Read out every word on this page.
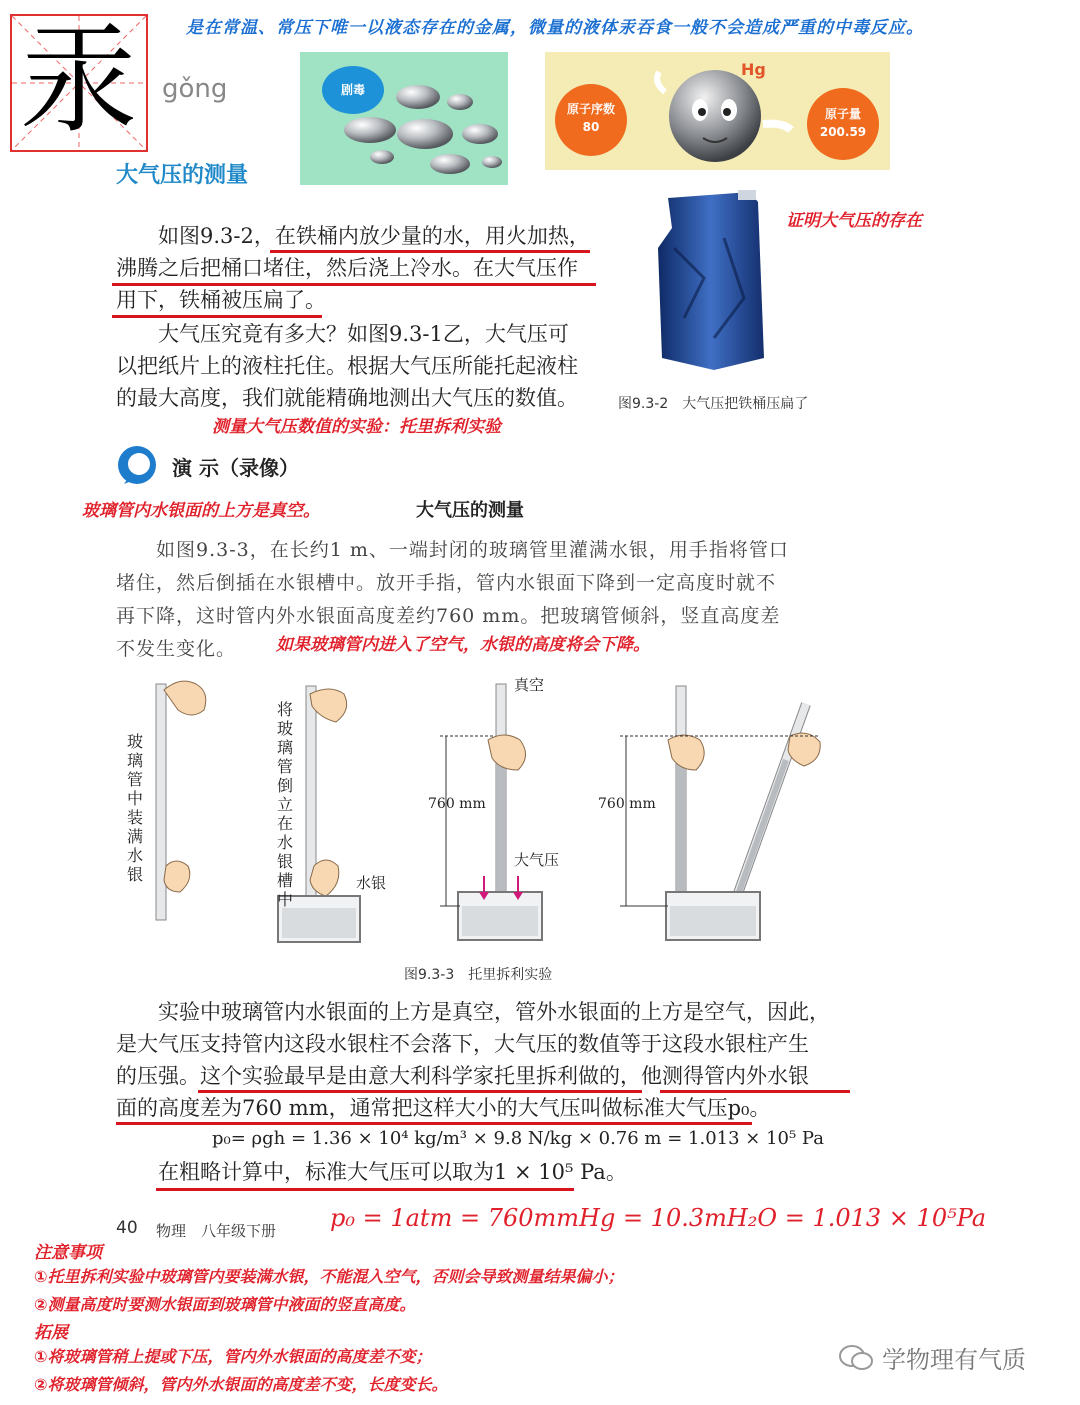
汞 gǒng	剧毒
原子序数
80
Hg
原子量
200.59
是在常温、常压下唯一以液态存在的金属，微量的液体汞吞食一般不会造成严重的中毒反应。
大气压的测量
如图9.3-2，在铁桶内放少量的水，用火加热，
沸腾之后把桶口堵住，然后浇上冷水。在大气压作
用下，铁桶被压扁了。
大气压究竟有多大？如图9.3-1乙，大气压可
以把纸片上的液柱托住。根据大气压所能托起液柱
的最大高度，我们就能精确地测出大气压的数值。
证明大气压的存在
图9.3-2　大气压把铁桶压扁了
测量大气压数值的实验：托里拆利实验
演 示（录像）
玻璃管内水银面的上方是真空。	大气压的测量
如图9.3-3，在长约1 m、一端封闭的玻璃管里灌满水银，用手指将管口
堵住，然后倒插在水银槽中。放开手指，管内水银面下降到一定高度时就不
再下降，这时管内外水银面高度差约760 mm。把玻璃管倾斜，竖直高度差
不发生变化。	如果玻璃管内进入了空气，水银的高度将会下降。
玻璃管中装满水银
将玻璃管倒立在水银槽中
水银
真空
大气压
760 mm	760 mm
图9.3-3　托里拆利实验
实验中玻璃管内水银面的上方是真空，管外水银面的上方是空气，因此，
是大气压支持管内这段水银柱不会落下，大气压的数值等于这段水银柱产生
的压强。这个实验最早是由意大利科学家托里拆利做的，他测得管内外水银
面的高度差为760 mm，通常把这样大小的大气压叫做标准大气压p₀。
p₀= ρgh = 1.36 × 10⁴ kg/m³ × 9.8 N/kg × 0.76 m = 1.013 × 10⁵ Pa
在粗略计算中，标准大气压可以取为1 × 10⁵ Pa。
40 物理　八年级下册 p₀ = 1atm = 760mmHg = 10.3mH₂O = 1.013 × 10⁵Pa
注意事项
①托里拆利实验中玻璃管内要装满水银，不能混入空气，否则会导致测量结果偏小；
②测量高度时要测水银面到玻璃管中液面的竖直高度。
拓展
①将玻璃管稍上提或下压，管内外水银面的高度差不变；
②将玻璃管倾斜，管内外水银面的高度差不变，长度变长。
学物理有气质
